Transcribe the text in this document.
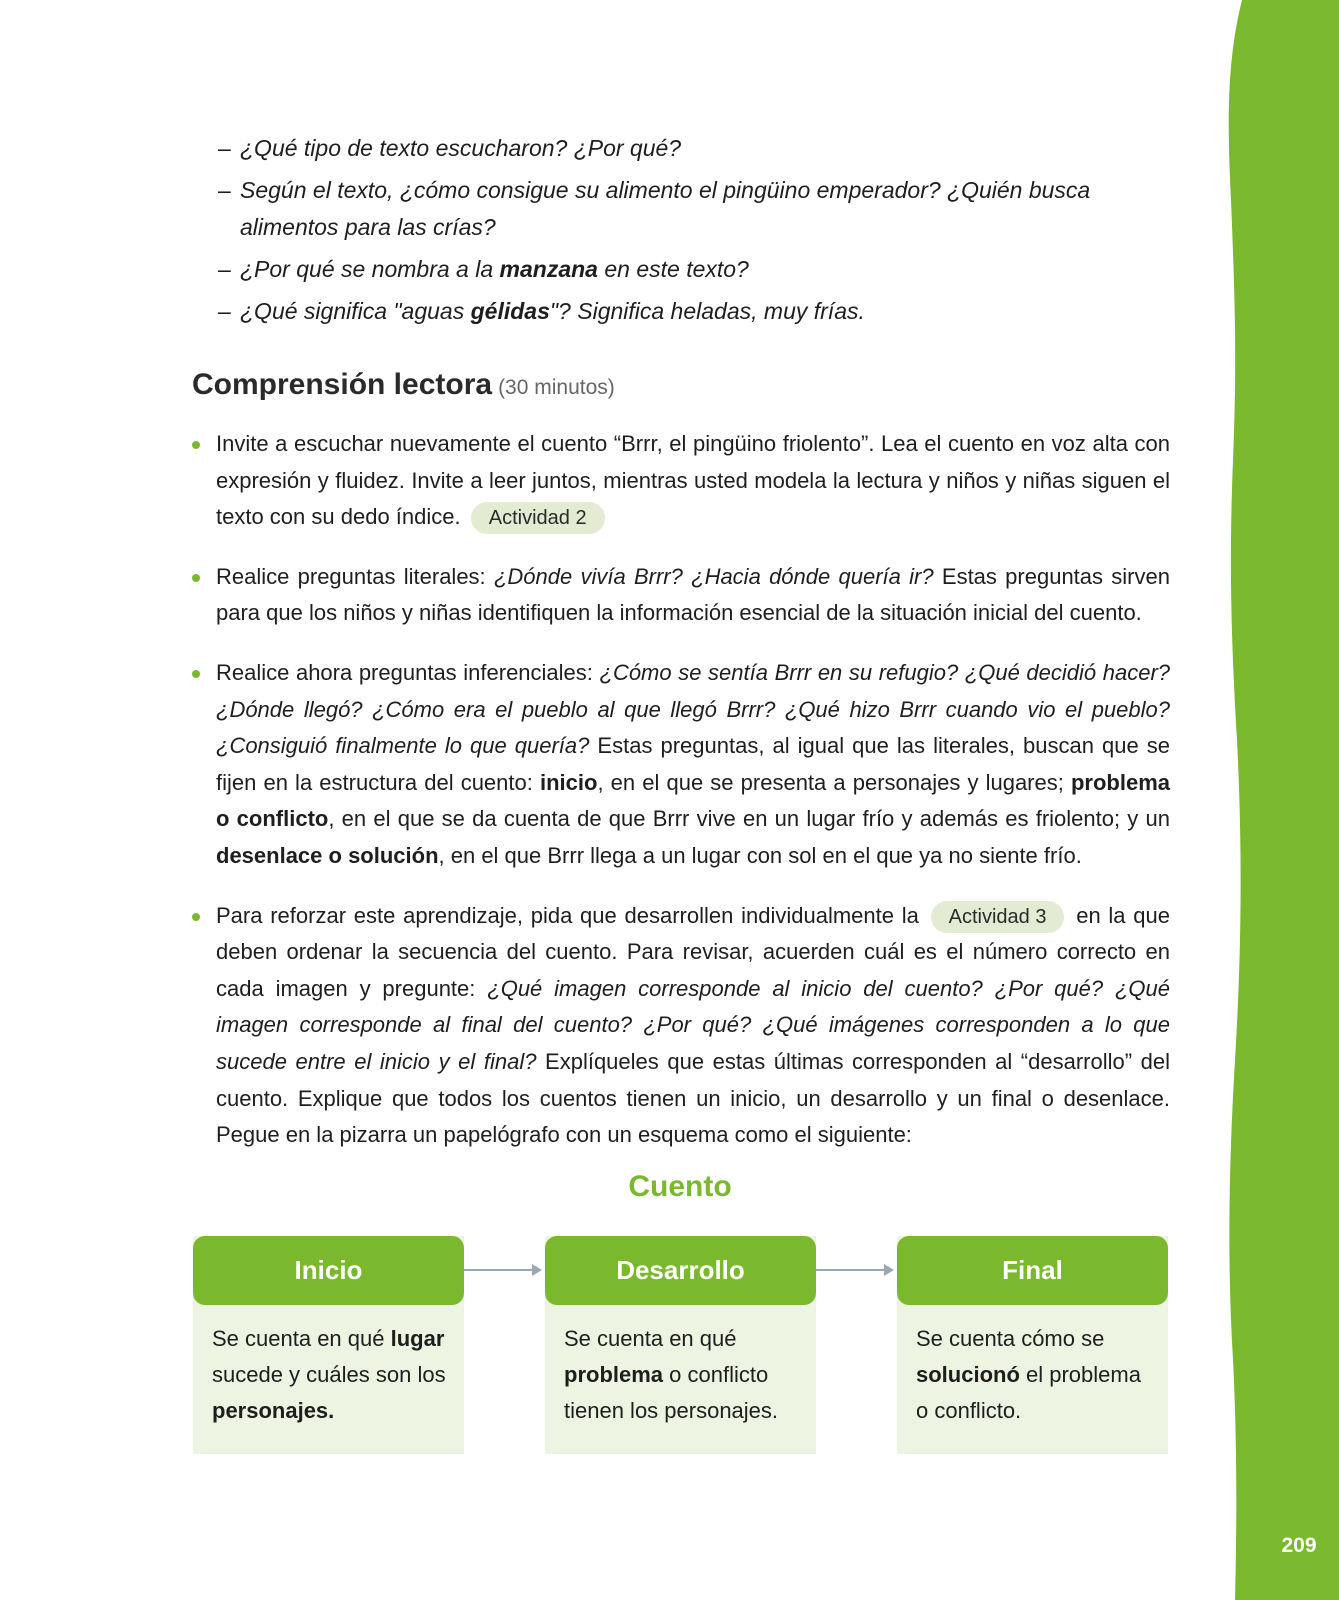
209
– ¿Qué tipo de texto escucharon? ¿Por qué?
– Según el texto, ¿cómo consigue su alimento el pingüino emperador? ¿Quién busca alimentos para las crías?
– ¿Por qué se nombra a la manzana en este texto?
– ¿Qué significa "aguas gélidas"? Significa heladas, muy frías.
Comprensión lectora (30 minutos)
Invite a escuchar nuevamente el cuento “Brrr, el pingüino friolento”. Lea el cuento en voz alta con expresión y fluidez. Invite a leer juntos, mientras usted modela la lectura y niños y niñas siguen el texto con su dedo índice. Actividad 2
Realice preguntas literales: ¿Dónde vivía Brrr? ¿Hacia dónde quería ir? Estas preguntas sirven para que los niños y niñas identifiquen la información esencial de la situación inicial del cuento.
Realice ahora preguntas inferenciales: ¿Cómo se sentía Brrr en su refugio? ¿Qué decidió hacer? ¿Dónde llegó? ¿Cómo era el pueblo al que llegó Brrr? ¿Qué hizo Brrr cuando vio el pueblo? ¿Consiguió finalmente lo que quería? Estas preguntas, al igual que las literales, buscan que se fijen en la estructura del cuento: inicio, en el que se presenta a personajes y lugares; problema o conflicto, en el que se da cuenta de que Brrr vive en un lugar frío y además es friolento; y un desenlace o solución, en el que Brrr llega a un lugar con sol en el que ya no siente frío.
Para reforzar este aprendizaje, pida que desarrollen individualmente la Actividad 3 en la que deben ordenar la secuencia del cuento. Para revisar, acuerden cuál es el número correcto en cada imagen y pregunte: ¿Qué imagen corresponde al inicio del cuento? ¿Por qué? ¿Qué imagen corresponde al final del cuento? ¿Por qué? ¿Qué imágenes corresponden a lo que sucede entre el inicio y el final? Explíqueles que estas últimas corresponden al “desarrollo” del cuento. Explique que todos los cuentos tienen un inicio, un desarrollo y un final o desenlace. Pegue en la pizarra un papelógrafo con un esquema como el siguiente:
Cuento
Inicio
Se cuenta en qué lugar sucede y cuáles son los personajes.
Desarrollo
Se cuenta en qué problema o conflicto tienen los personajes.
Final
Se cuenta cómo se solucionó el problema o conflicto.
